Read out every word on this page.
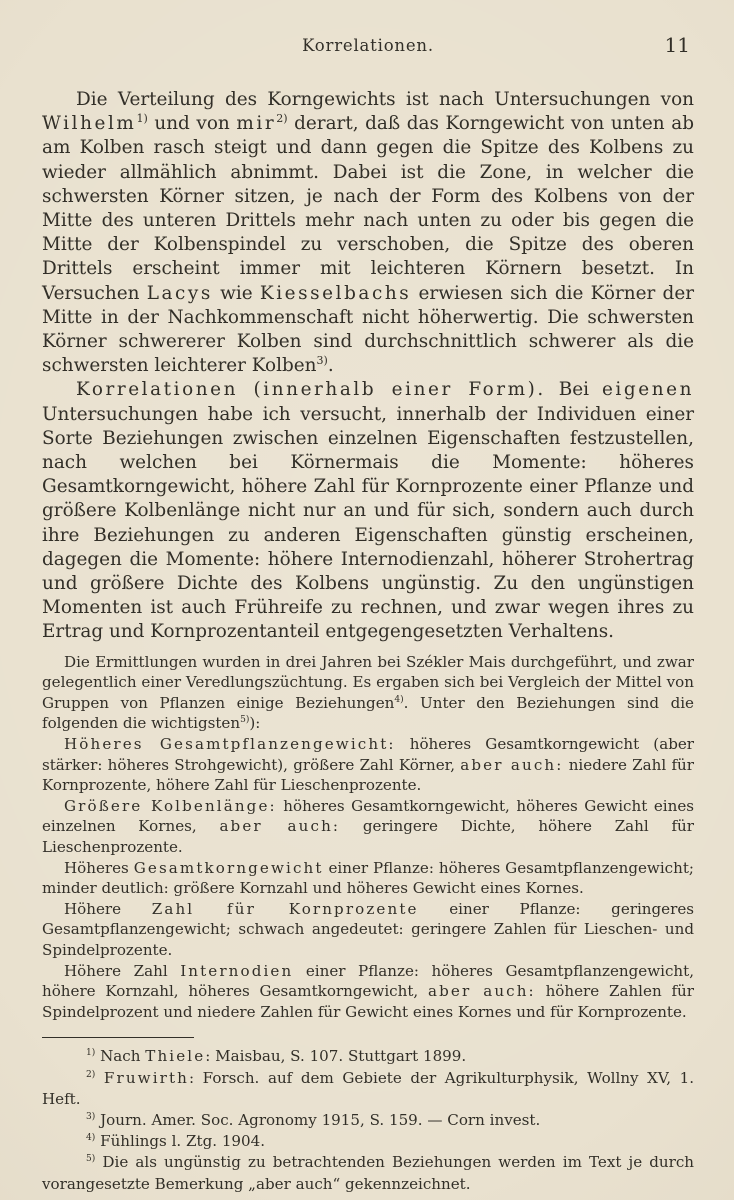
Korrelationen.	11

Die Verteilung des Korngewichts ist nach Untersuchungen von Wilhelm$^{1)}$ und von mir$^{2)}$ derart, daß das Korngewicht von unten ab am Kolben rasch steigt und dann gegen die Spitze des Kolbens zu wieder allmählich abnimmt. Dabei ist die Zone, in welcher die schwersten Körner sitzen, je nach der Form des Kolbens von der Mitte des unteren Drittels mehr nach unten zu oder bis gegen die Mitte der Kolbenspindel zu verschoben, die Spitze des oberen Drittels erscheint immer mit leichteren Körnern besetzt. In Versuchen Lacys wie Kiesselbachs erwiesen sich die Körner der Mitte in der Nachkommenschaft nicht höherwertig. Die schwersten Körner schwererer Kolben sind durchschnittlich schwerer als die schwersten leichterer Kolben$^{3)}$.

Korrelationen (innerhalb einer Form). Bei eigenen Untersuchungen habe ich versucht, innerhalb der Individuen einer Sorte Beziehungen zwischen einzelnen Eigenschaften festzustellen, nach welchen bei Körnermais die Momente: höheres Gesamtkorngewicht, höhere Zahl für Kornprozente einer Pflanze und größere Kolbenlänge nicht nur an und für sich, sondern auch durch ihre Beziehungen zu anderen Eigenschaften günstig erscheinen, dagegen die Momente: höhere Internodienzahl, höherer Strohertrag und größere Dichte des Kolbens ungünstig. Zu den ungünstigen Momenten ist auch Frühreife zu rechnen, und zwar wegen ihres zu Ertrag und Kornprozentanteil entgegengesetzten Verhaltens.

Die Ermittlungen wurden in drei Jahren bei Székler Mais durchgeführt, und zwar gelegentlich einer Veredlungszüchtung. Es ergaben sich bei Vergleich der Mittel von Gruppen von Pflanzen einige Beziehungen$^{4)}$. Unter den Beziehungen sind die folgenden die wichtigsten$^{5)}$):

Höheres Gesamtpflanzengewicht: höheres Gesamtkorngewicht (aber stärker: höheres Strohgewicht), größere Zahl Körner, aber auch: niedere Zahl für Kornprozente, höhere Zahl für Lieschenprozente.

Größere Kolbenlänge: höheres Gesamtkorngewicht, höheres Gewicht eines einzelnen Kornes, aber auch: geringere Dichte, höhere Zahl für Lieschenprozente.

Höheres Gesamtkorngewicht einer Pflanze: höheres Gesamtpflanzengewicht; minder deutlich: größere Kornzahl und höheres Gewicht eines Kornes.

Höhere Zahl für Kornprozente einer Pflanze: geringeres Gesamtpflanzengewicht; schwach angedeutet: geringere Zahlen für Lieschen- und Spindelprozente.

Höhere Zahl Internodien einer Pflanze: höheres Gesamtpflanzengewicht, höhere Kornzahl, höheres Gesamtkorngewicht, aber auch: höhere Zahlen für Spindelprozent und niedere Zahlen für Gewicht eines Kornes und für Kornprozente.

$^{1)}$ Nach Thiele: Maisbau, S. 107. Stuttgart 1899.

$^{2)}$ Fruwirth: Forsch. auf dem Gebiete der Agrikulturphysik, Wollny XV, 1. Heft.

$^{3)}$ Journ. Amer. Soc. Agronomy 1915, S. 159. — Corn invest.

$^{4)}$ Fühlings l. Ztg. 1904.

$^{5)}$ Die als ungünstig zu betrachtenden Beziehungen werden im Text je durch vorangesetzte Bemerkung „aber auch“ gekennzeichnet.
